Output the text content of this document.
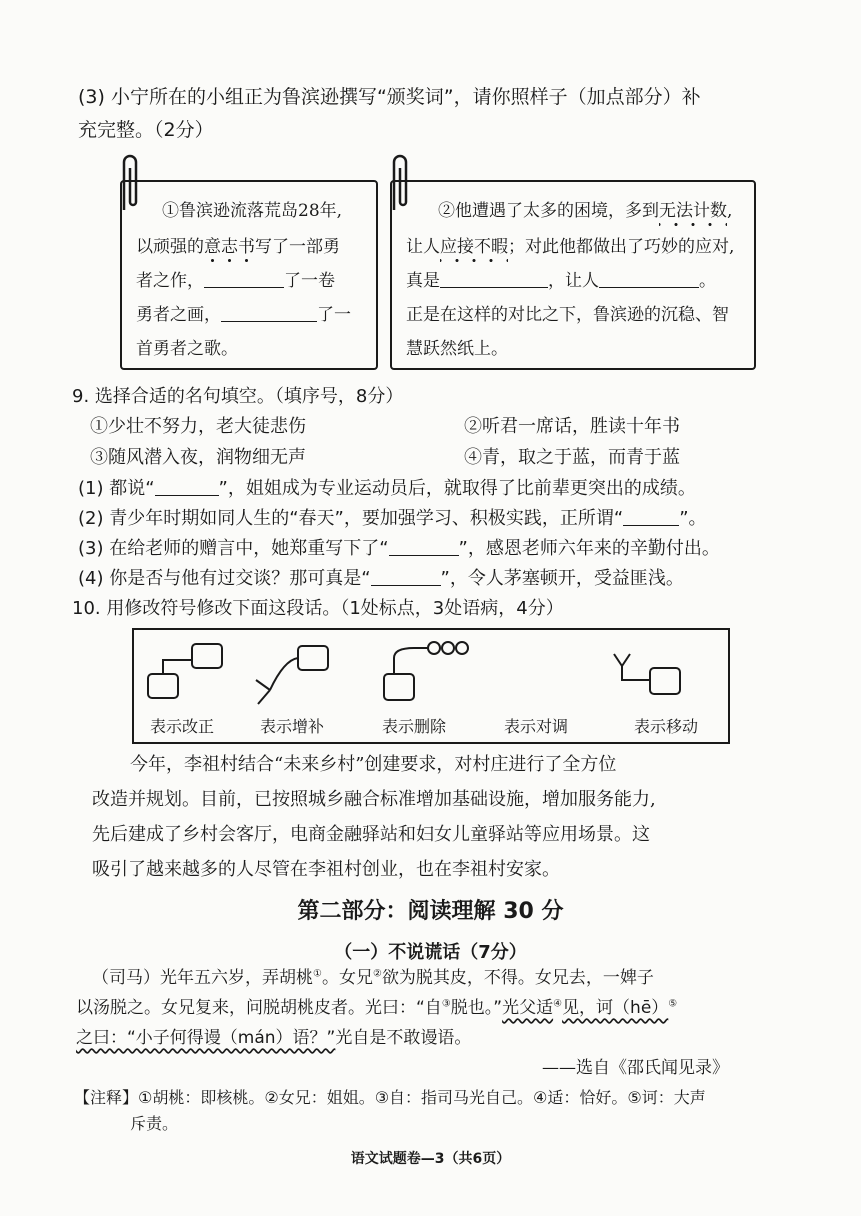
(3) 小宁所在的小组正为鲁滨逊撰写“颁奖词”，请你照样子（加点部分）补
充完整。（2分）
①鲁滨逊流落荒岛28年,
以顽强的意志书写了一部勇
者之作，	了一卷
勇者之画，	了一
首勇者之歌。
②他遭遇了太多的困境，多到无法计数,
让人应接不暇；对此他都做出了巧妙的应对,
真是	，让人	。
正是在这样的对比之下，鲁滨逊的沉稳、智
慧跃然纸上。
9. 选择合适的名句填空。（填序号，8分）
①少壮不努力，老大徒悲伤	②听君一席话，胜读十年书
③随风潜入夜，润物细无声	④青，取之于蓝，而青于蓝
(1) 都说“	”，姐姐成为专业运动员后，就取得了比前辈更突出的成绩。
(2) 青少年时期如同人生的“春天”，要加强学习、积极实践，正所谓“	”。
(3) 在给老师的赠言中，她郑重写下了“	”，感恩老师六年来的辛勤付出。
(4) 你是否与他有过交谈？那可真是“	”，令人茅塞顿开，受益匪浅。
10. 用修改符号修改下面这段话。（1处标点，3处语病，4分）
表示改正	表示增补	表示删除	表示对调	表示移动
今年，李祖村结合“未来乡村”创建要求，对村庄进行了全方位
改造并规划。目前，已按照城乡融合标准增加基础设施，增加服务能力,
先后建成了乡村会客厅，电商金融驿站和妇女儿童驿站等应用场景。这
吸引了越来越多的人尽管在李祖村创业，也在李祖村安家。
第二部分：阅读理解 30 分
（一）不说谎话（7分）
（司马）光年五六岁，弄胡桃①。女兄②欲为脱其皮，不得。女兄去，一婢子
以汤脱之。女兄复来，问脱胡桃皮者。光曰：“自③脱也。”光父适④见，诃（hē）⑤
之曰：“小子何得谩（mán）语？”光自是不敢谩语。
——选自《邵氏闻见录》
【注释】①胡桃：即核桃。②女兄：姐姐。③自：指司马光自己。④适：恰好。⑤诃：大声
斥责。
语文试题卷—3（共6页）
